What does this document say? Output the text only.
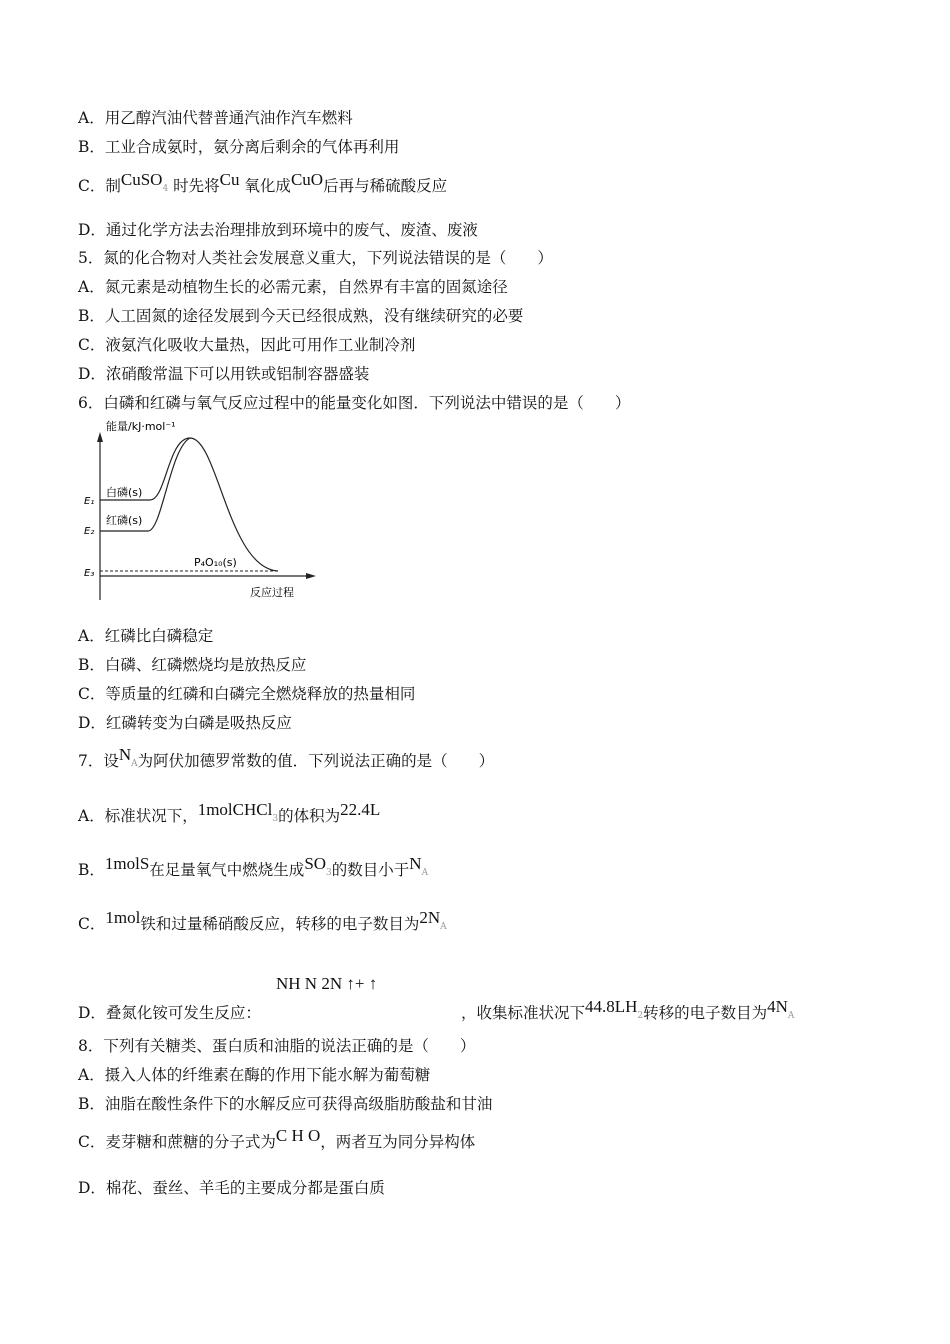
A．用乙醇汽油代替普通汽油作汽车燃料
B．工业合成氨时，氨分离后剩余的气体再利用
C．制CuSO4 时先将Cu 氧化成CuO后再与稀硫酸反应
D．通过化学方法去治理排放到环境中的废气、废渣、废液
5．氮的化合物对人类社会发展意义重大，下列说法错误的是（　　）
A．氮元素是动植物生长的必需元素，自然界有丰富的固氮途径
B．人工固氮的途径发展到今天已经很成熟，没有继续研究的必要
C．液氨汽化吸收大量热，因此可用作工业制冷剂
D．浓硝酸常温下可以用铁或铝制容器盛装
6．白磷和红磷与氧气反应过程中的能量变化如图．下列说法中错误的是（　　）
能量/kJ·mol⁻¹
反应过程
E₁
E₂
E₃
白磷(s)
红磷(s)
P₄O₁₀(s)
A．红磷比白磷稳定
B．白磷、红磷燃烧均是放热反应
C．等质量的红磷和白磷完全燃烧释放的热量相同
D．红磷转变为白磷是吸热反应
7．设NA为阿伏加德罗常数的值．下列说法正确的是（　　）
A．标准状况下，1molCHCl3的体积为22.4L
B．1molS在足量氧气中燃烧生成SO3的数目小于NA
C．1mol铁和过量稀硝酸反应，转移的电子数目为2NA
NH N 2N ↑+ ↑
D．叠氮化铵可发生反应：	，收集标准状况下44.8LH2转移的电子数目为4NA
8．下列有关糖类、蛋白质和油脂的说法正确的是（　　）
A．摄入人体的纤维素在酶的作用下能水解为葡萄糖
B．油脂在酸性条件下的水解反应可获得高级脂肪酸盐和甘油
C．麦芽糖和蔗糖的分子式为C H O，两者互为同分异构体
D．棉花、蚕丝、羊毛的主要成分都是蛋白质
